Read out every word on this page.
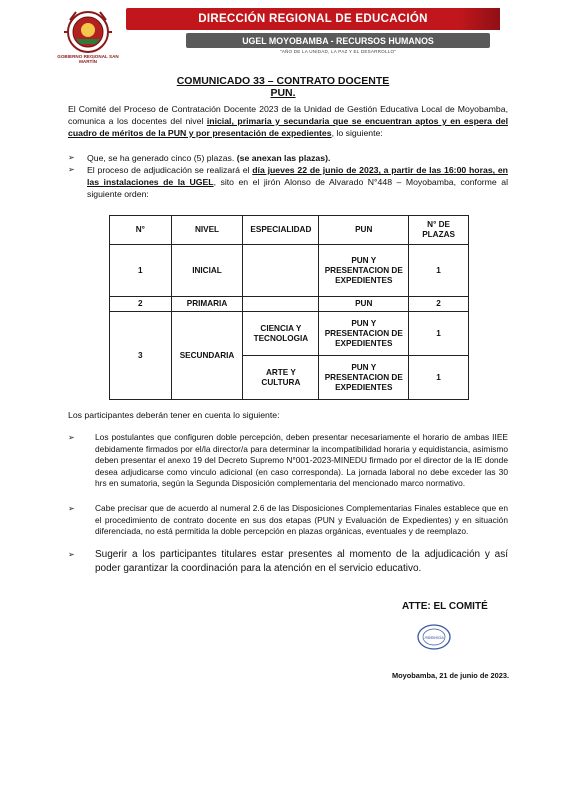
GOBIERNO REGIONAL SAN MARTÍN
DIRECCIÓN REGIONAL DE EDUCACIÓN
UGEL MOYOBAMBA - RECURSOS HUMANOS
"AÑO DE LA UNIDAD, LA PAZ Y EL DESARROLLO"
COMUNICADO 33 – CONTRATO DOCENTE
PUN.
El Comité del Proceso de Contratación Docente 2023 de la Unidad de Gestión Educativa Local de Moyobamba, comunica a los docentes del nivel inicial, primaria y secundaria que se encuentran aptos y en espera del cuadro de méritos de la PUN y por presentación de expedientes, lo siguiente:
➢ Que, se ha generado cinco (5) plazas. (se anexan las plazas).
➢ El proceso de adjudicación se realizará el día jueves 22 de junio de 2023, a partir de las 16:00 horas, en las instalaciones de la UGEL, sito en el jirón Alonso de Alvarado N°448 – Moyobamba, conforme al siguiente orden:
N°	NIVEL	ESPECIALIDAD	PUN	N° DE PLAZAS
1	INICIAL		PUN Y PRESENTACION DE EXPEDIENTES	1
2	PRIMARIA		PUN	2
3	SECUNDARIA	CIENCIA Y TECNOLOGIA	PUN Y PRESENTACION DE EXPEDIENTES	1
		ARTE Y CULTURA	PUN Y PRESENTACION DE EXPEDIENTES	1
Los participantes deberán tener en cuenta lo siguiente:
➢ Los postulantes que configuren doble percepción, deben presentar necesariamente el horario de ambas IIEE debidamente firmados por el/la director/a para determinar la incompatibilidad horaria y equidistancia, asimismo deben presentar el anexo 19 del Decreto Supremo N°001-2023-MINEDU firmado por el director de la IE donde desea adjudicarse como vinculo adicional (en caso corresponda). La jornada laboral no debe exceder las 30 hrs en sumatoria, según la Segunda Disposición complementaria del mencionado marco normativo.
➢ Cabe precisar que de acuerdo al numeral 2.6 de las Disposiciones Complementarias Finales establece que en el procedimiento de contrato docente en sus dos etapas (PUN y Evaluación de Expedientes) y en situación diferenciada, no está permitida la doble percepción en plazas orgánicas, eventuales y de reemplazo.
➢ Sugerir a los participantes titulares estar presentes al momento de la adjudicación y así poder garantizar la coordinación para la atención en el servicio educativo.
ATTE: EL COMITÉ
Asistencia
Moyobamba, 21 de junio de 2023.
